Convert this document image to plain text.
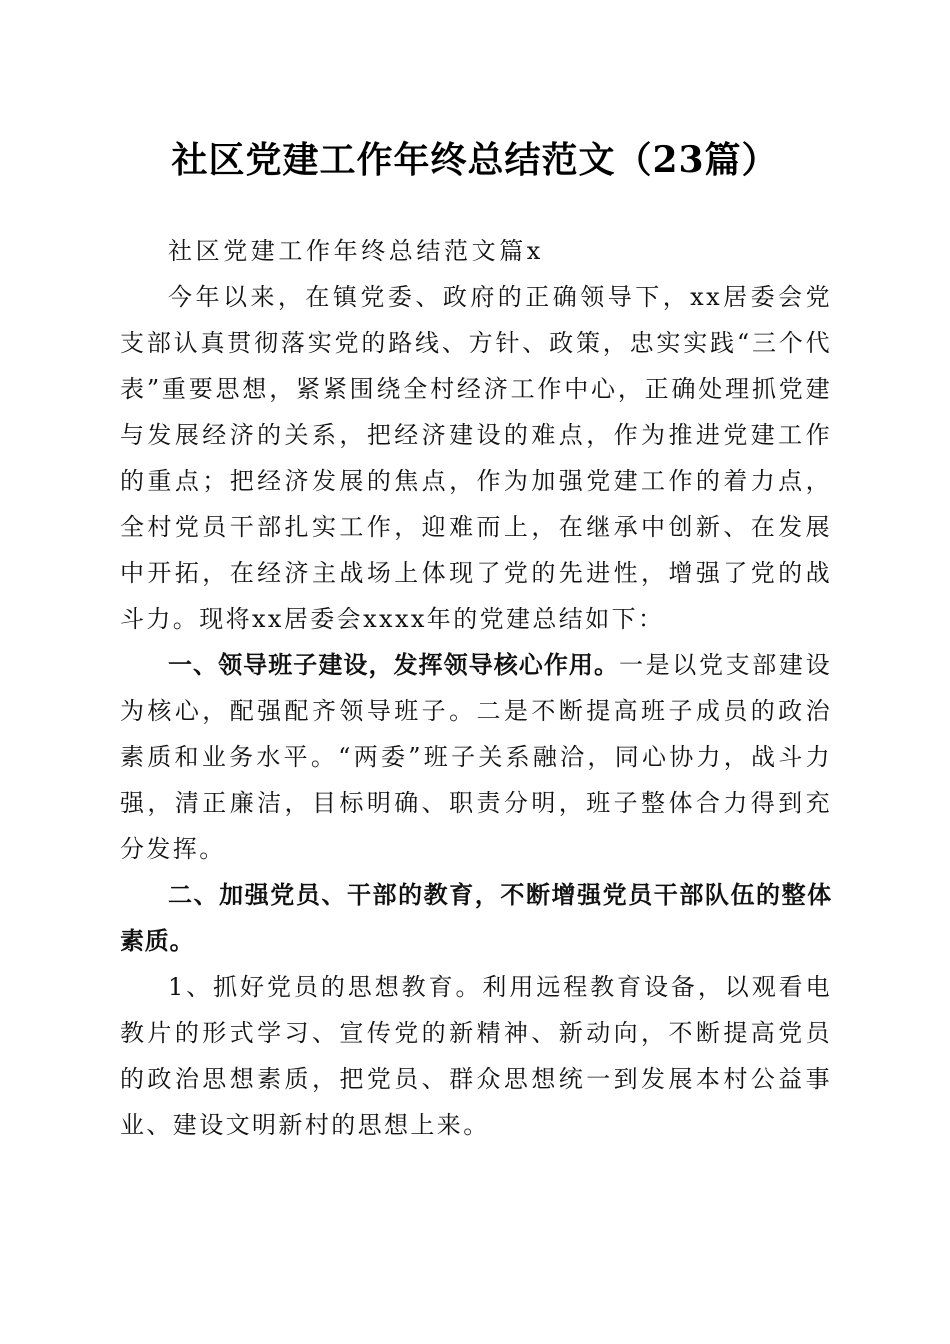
社区党建工作年终总结范文（23篇）

社区党建工作年终总结范文篇x

今年以来，在镇党委、政府的正确领导下，xx居委会党支部认真贯彻落实党的路线、方针、政策，忠实实践“三个代表”重要思想，紧紧围绕全村经济工作中心，正确处理抓党建与发展经济的关系，把经济建设的难点，作为推进党建工作的重点；把经济发展的焦点，作为加强党建工作的着力点，全村党员干部扎实工作，迎难而上，在继承中创新、在发展中开拓，在经济主战场上体现了党的先进性，增强了党的战斗力。现将xx居委会xxxx年的党建总结如下：

一、领导班子建设，发挥领导核心作用。一是以党支部建设为核心，配强配齐领导班子。二是不断提高班子成员的政治素质和业务水平。“两委”班子关系融洽，同心协力，战斗力强，清正廉洁，目标明确、职责分明，班子整体合力得到充分发挥。

二、加强党员、干部的教育，不断增强党员干部队伍的整体素质。

1、抓好党员的思想教育。利用远程教育设备，以观看电教片的形式学习、宣传党的新精神、新动向，不断提高党员的政治思想素质，把党员、群众思想统一到发展本村公益事业、建设文明新村的思想上来。
